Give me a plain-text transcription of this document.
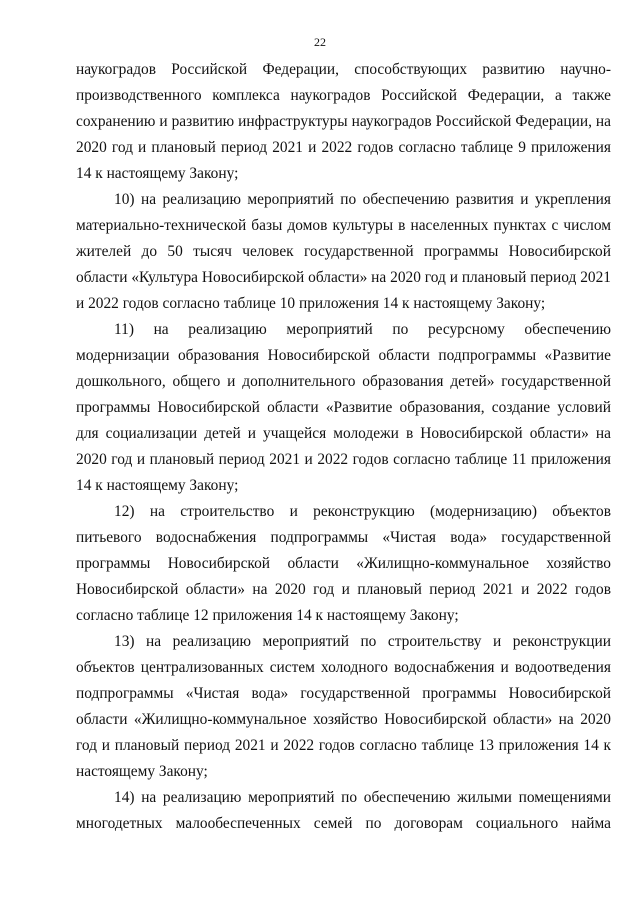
22

наукоградов Российской Федерации, способствующих развитию научно-производственного комплекса наукоградов Российской Федерации, а также сохранению и развитию инфраструктуры наукоградов Российской Федерации, на 2020 год и плановый период 2021 и 2022 годов согласно таблице 9 приложения 14 к настоящему Закону;

10) на реализацию мероприятий по обеспечению развития и укрепления материально-технической базы домов культуры в населенных пунктах с числом жителей до 50 тысяч человек государственной программы Новосибирской области «Культура Новосибирской области» на 2020 год и плановый период 2021 и 2022 годов согласно таблице 10 приложения 14 к настоящему Закону;

11) на реализацию мероприятий по ресурсному обеспечению модернизации образования Новосибирской области подпрограммы «Развитие дошкольного, общего и дополнительного образования детей» государственной программы Новосибирской области «Развитие образования, создание условий для социализации детей и учащейся молодежи в Новосибирской области» на 2020 год и плановый период 2021 и 2022 годов согласно таблице 11 приложения 14 к настоящему Закону;

12) на строительство и реконструкцию (модернизацию) объектов питьевого водоснабжения подпрограммы «Чистая вода» государственной программы Новосибирской области «Жилищно-коммунальное хозяйство Новосибирской области» на 2020 год и плановый период 2021 и 2022 годов согласно таблице 12 приложения 14 к настоящему Закону;

13) на реализацию мероприятий по строительству и реконструкции объектов централизованных систем холодного водоснабжения и водоотведения подпрограммы «Чистая вода» государственной программы Новосибирской области «Жилищно-коммунальное хозяйство Новосибирской области» на 2020 год и плановый период 2021 и 2022 годов согласно таблице 13 приложения 14 к настоящему Закону;

14) на реализацию мероприятий по обеспечению жилыми помещениями многодетных малообеспеченных семей по договорам социального найма
